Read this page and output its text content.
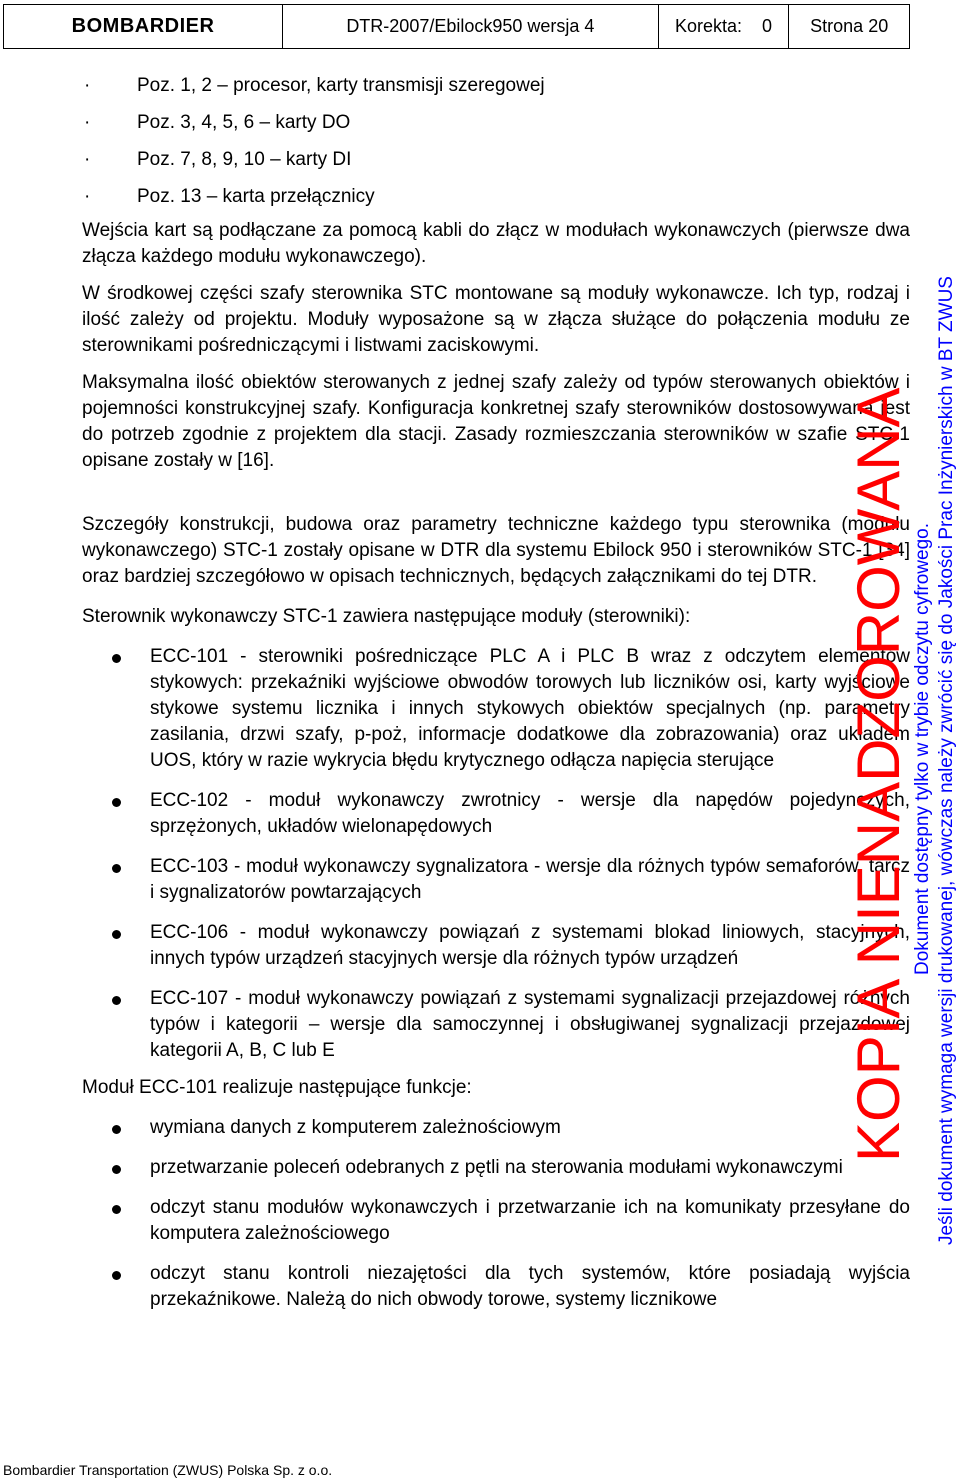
BOMBARDIER	DTR-2007/Ebilock950 wersja 4	Korekta: 0	Strona 20
· Poz. 1, 2 – procesor, karty transmisji szeregowej
· Poz. 3, 4, 5, 6 – karty DO
· Poz. 7, 8, 9, 10 – karty DI
· Poz. 13 – karta przełącznicy

Wejścia kart są podłączane za pomocą kabli do złącz w modułach wykonawczych (pierwsze dwa złącza każdego modułu wykonawczego).

W środkowej części szafy sterownika STC montowane są moduły wykonawcze. Ich typ, rodzaj i ilość zależy od projektu. Moduły wyposażone są w złącza służące do połączenia modułu ze sterownikami pośredniczącymi i listwami zaciskowymi.

Maksymalna ilość obiektów sterowanych z jednej szafy zależy od typów sterowanych obiektów i pojemności konstrukcyjnej szafy. Konfiguracja konkretnej szafy sterowników dostosowywana jest do potrzeb zgodnie z projektem dla stacji. Zasady rozmieszczania sterowników w szafie STC-1 opisane zostały w [16].

Szczegóły konstrukcji, budowa oraz parametry techniczne każdego typu sterownika (modułu wykonawczego) STC-1 zostały opisane w DTR dla systemu Ebilock 950 i sterowników STC-1 [34] oraz bardziej szczegółowo w opisach technicznych, będących załącznikami do tej DTR.

Sterownik wykonawczy STC-1 zawiera następujące moduły (sterowniki):

ECC-101 - sterowniki pośredniczące PLC A i PLC B wraz z odczytem elementów stykowych: przekaźniki wyjściowe obwodów torowych lub liczników osi, karty wyjściowe stykowe systemu licznika i innych stykowych obiektów specjalnych (np. parametry zasilania, drzwi szafy, p-poż, informacje dodatkowe dla zobrazowania) oraz układem UOS, który w razie wykrycia błędu krytycznego odłącza napięcia sterujące
ECC-102 - moduł wykonawczy zwrotnicy - wersje dla napędów pojedynczych, sprzężonych, układów wielonapędowych
ECC-103 - moduł wykonawczy sygnalizatora - wersje dla różnych typów semaforów, tarcz i sygnalizatorów powtarzających
ECC-106 - moduł wykonawczy powiązań z systemami blokad liniowych, stacyjnych, innych typów urządzeń stacyjnych wersje dla różnych typów urządzeń
ECC-107 - moduł wykonawczy powiązań z systemami sygnalizacji przejazdowej różnych typów i kategorii – wersje dla samoczynnej i obsługiwanej sygnalizacji przejazdowej kategorii A, B, C lub E

Moduł ECC-101 realizuje następujące funkcje:

wymiana danych z komputerem zależnościowym
przetwarzanie poleceń odebranych z pętli na sterowania modułami wykonawczymi
odczyt stanu modułów wykonawczych i przetwarzanie ich na komunikaty przesyłane do komputera zależnościowego
odczyt stanu kontroli niezajętości dla tych systemów, które posiadają wyjścia przekaźnikowe. Należą do nich obwody torowe, systemy licznikowe
KOPIA NIENADZOROWANA Dokument dostępny tylko w trybie odczytu cyfrowego. Jeśli dokument wymaga wersji drukowanej, wówczas należy zwrócić się do Jakości Prac Inżynierskich w BT ZWUS
Bombardier Transportation (ZWUS) Polska Sp. z o.o.
